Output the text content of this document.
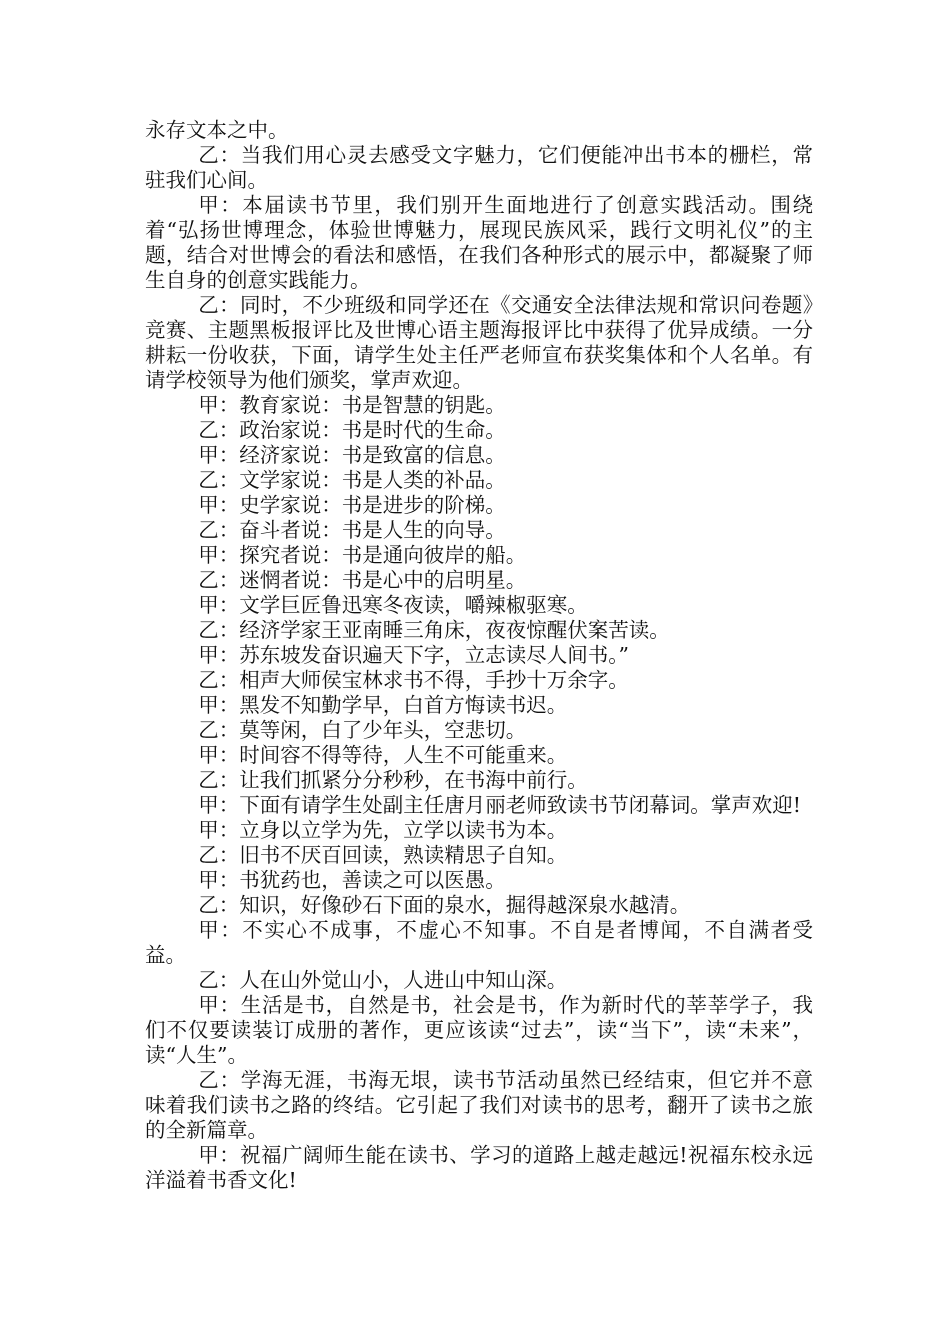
永存文本之中。

乙：当我们用心灵去感受文字魅力，它们便能冲出书本的栅栏，常驻我们心间。

甲：本届读书节里，我们别开生面地进行了创意实践活动。围绕着“弘扬世博理念，体验世博魅力，展现民族风采，践行文明礼仪”的主题，结合对世博会的看法和感悟，在我们各种形式的展示中，都凝聚了师生自身的创意实践能力。

乙：同时，不少班级和同学还在《交通安全法律法规和常识问卷题》竞赛、主题黑板报评比及世博心语主题海报评比中获得了优异成绩。一分耕耘一份收获，下面，请学生处主任严老师宣布获奖集体和个人名单。有请学校领导为他们颁奖，掌声欢迎。

甲：教育家说：书是智慧的钥匙。

乙：政治家说：书是时代的生命。

甲：经济家说：书是致富的信息。

乙：文学家说：书是人类的补品。

甲：史学家说：书是进步的阶梯。

乙：奋斗者说：书是人生的向导。

甲：探究者说：书是通向彼岸的船。

乙：迷惘者说：书是心中的启明星。

甲：文学巨匠鲁迅寒冬夜读，嚼辣椒驱寒。

乙：经济学家王亚南睡三角床，夜夜惊醒伏案苦读。

甲：苏东坡发奋识遍天下字，立志读尽人间书。”

乙：相声大师侯宝林求书不得，手抄十万余字。

甲：黑发不知勤学早，白首方悔读书迟。

乙：莫等闲，白了少年头，空悲切。

甲：时间容不得等待，人生不可能重来。

乙：让我们抓紧分分秒秒，在书海中前行。

甲：下面有请学生处副主任唐月丽老师致读书节闭幕词。掌声欢迎!

甲：立身以立学为先，立学以读书为本。

乙：旧书不厌百回读，熟读精思子自知。

甲：书犹药也，善读之可以医愚。

乙：知识，好像砂石下面的泉水，掘得越深泉水越清。

甲：不实心不成事，不虚心不知事。不自是者博闻，不自满者受益。

乙：人在山外觉山小，人进山中知山深。

甲：生活是书，自然是书，社会是书，作为新时代的莘莘学子，我们不仅要读装订成册的著作，更应该读“过去”，读“当下”，读“未来”，读“人生”。

乙：学海无涯，书海无垠，读书节活动虽然已经结束，但它并不意味着我们读书之路的终结。它引起了我们对读书的思考，翻开了读书之旅的全新篇章。

甲：祝福广阔师生能在读书、学习的道路上越走越远!祝福东校永远洋溢着书香文化!
